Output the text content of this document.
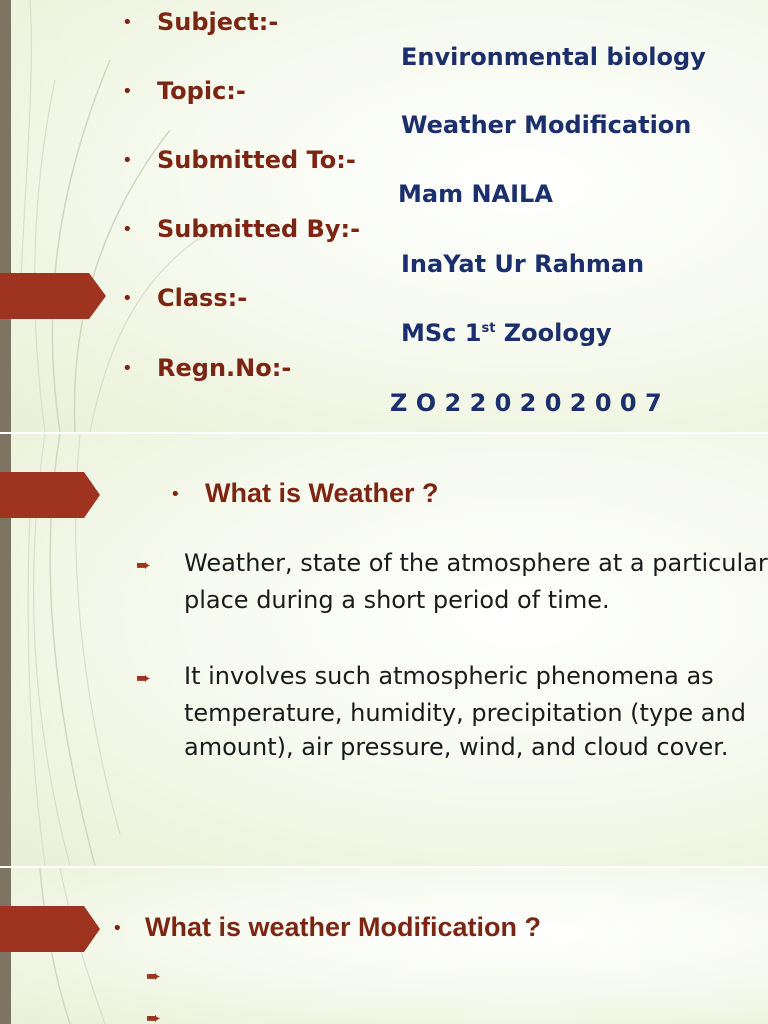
• Subject:-
Environmental biology
• Topic:-
Weather Modification
• Submitted To:-
Mam NAILA
• Submitted By:-
InaYat Ur Rahman
• Class:-
MSc 1st Zoology
• Regn.No:-
Z O 2 2 0 2 0 2 0 0 7
• What is Weather ?
➨ Weather, state of the atmosphere at a particular place during a short period of time.
➨ It involves such atmospheric phenomena as temperature, humidity, precipitation (type and amount), air pressure, wind, and cloud cover.
• What is weather Modification ?
➨
➨
